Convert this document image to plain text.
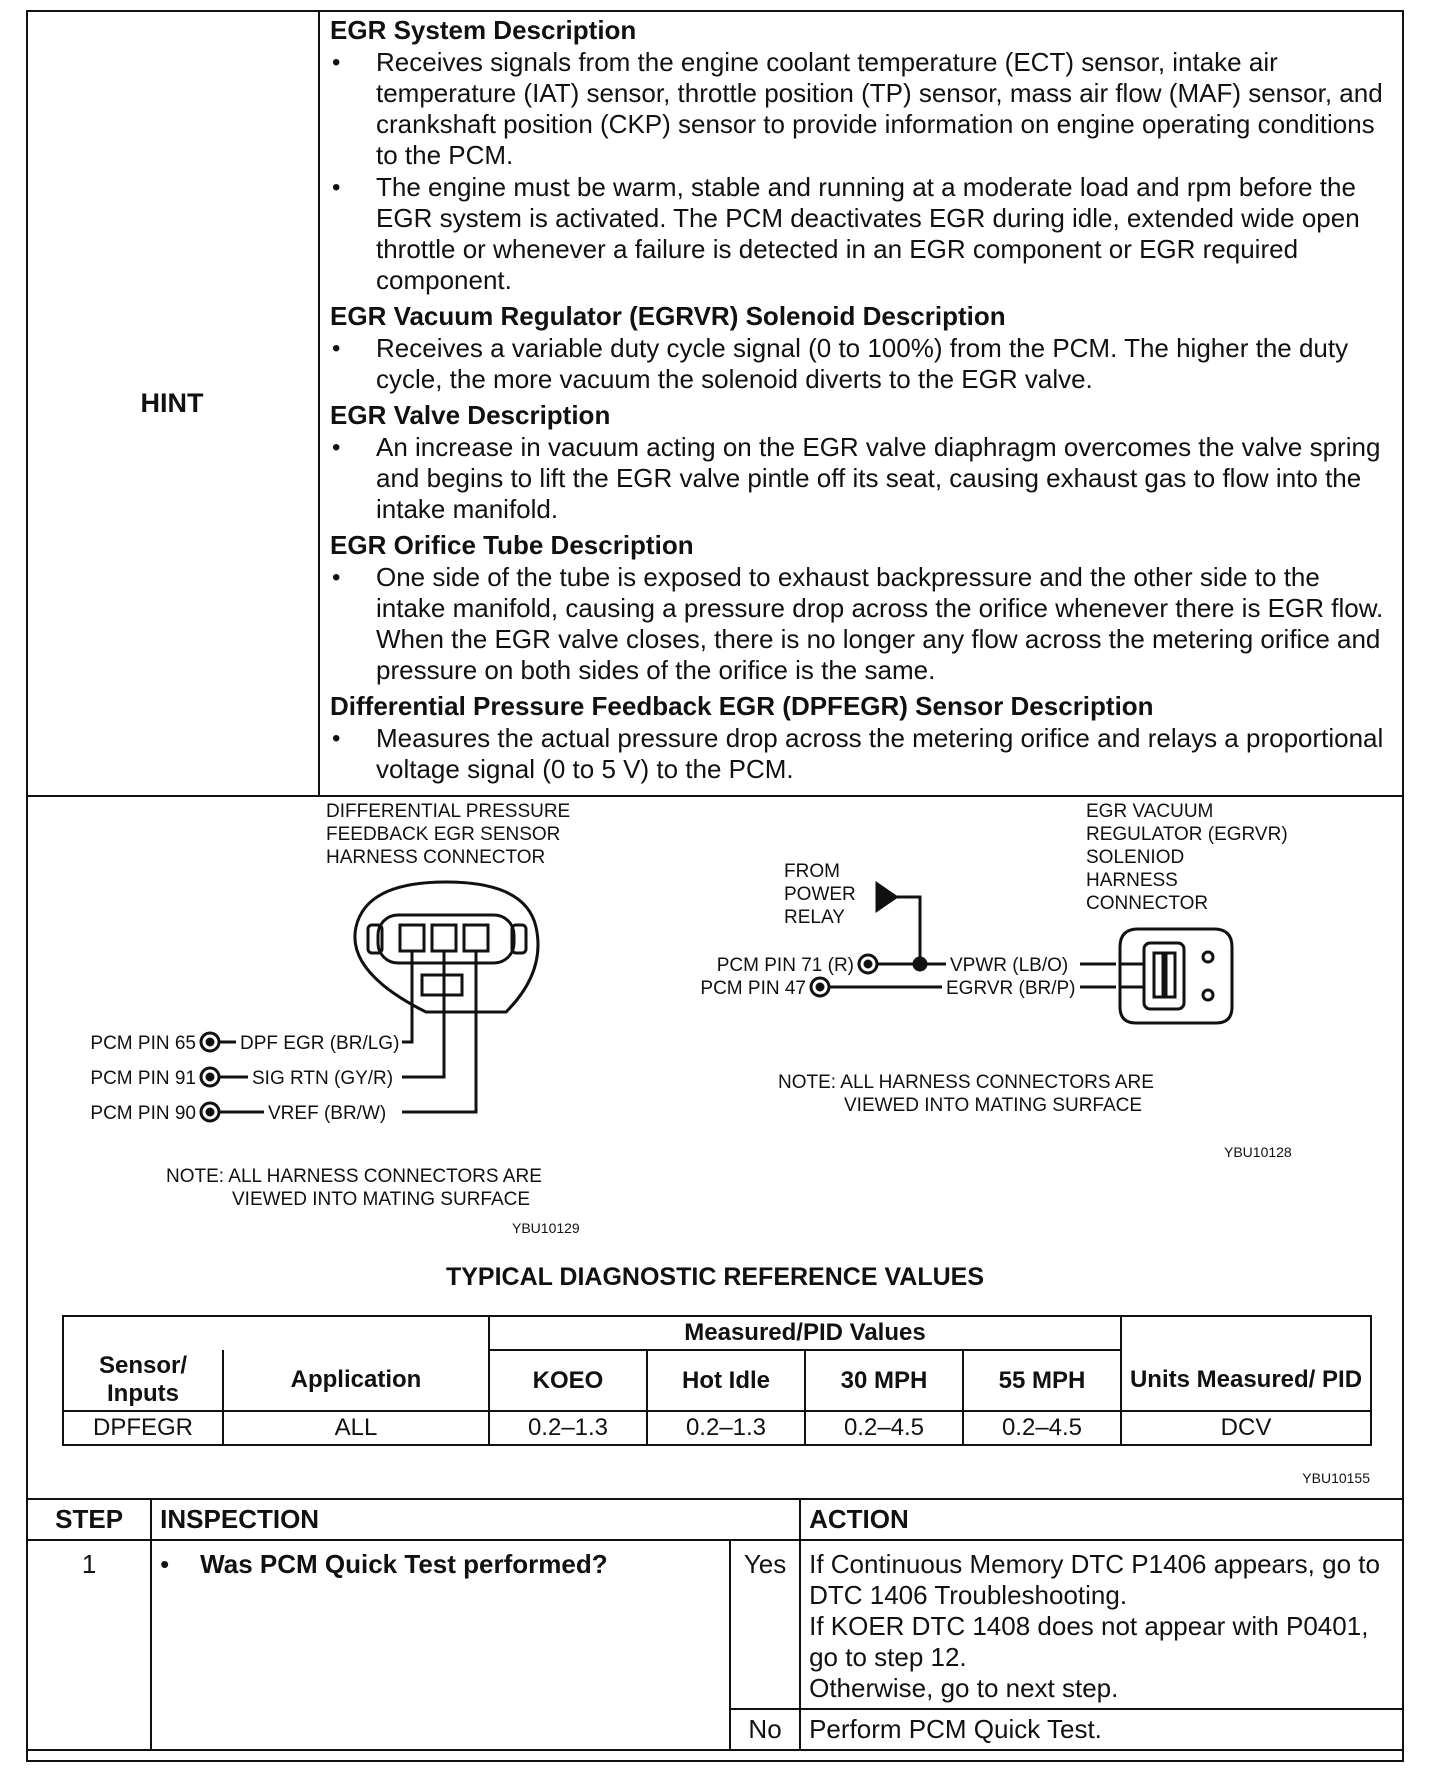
HINT
EGR System Description
• Receives signals from the engine coolant temperature (ECT) sensor, intake air temperature (IAT) sensor, throttle position (TP) sensor, mass air flow (MAF) sensor, and crankshaft position (CKP) sensor to provide information on engine operating conditions to the PCM.
• The engine must be warm, stable and running at a moderate load and rpm before the EGR system is activated. The PCM deactivates EGR during idle, extended wide open throttle or whenever a failure is detected in an EGR component or EGR required component.
EGR Vacuum Regulator (EGRVR) Solenoid Description
• Receives a variable duty cycle signal (0 to 100%) from the PCM. The higher the duty cycle, the more vacuum the solenoid diverts to the EGR valve.
EGR Valve Description
• An increase in vacuum acting on the EGR valve diaphragm overcomes the valve spring and begins to lift the EGR valve pintle off its seat, causing exhaust gas to flow into the intake manifold.
EGR Orifice Tube Description
• One side of the tube is exposed to exhaust backpressure and the other side to the intake manifold, causing a pressure drop across the orifice whenever there is EGR flow. When the EGR valve closes, there is no longer any flow across the metering orifice and pressure on both sides of the orifice is the same.
Differential Pressure Feedback EGR (DPFEGR) Sensor Description
• Measures the actual pressure drop across the metering orifice and relays a proportional voltage signal (0 to 5 V) to the PCM.
DIFFERENTIAL PRESSURE
FEEDBACK EGR SENSOR
HARNESS CONNECTOR
PCM PIN 65 DPF EGR (BR/LG)
PCM PIN 91	SIG RTN (GY/R)
PCM PIN 90	VREF (BR/W)
NOTE: ALL HARNESS CONNECTORS ARE
VIEWED INTO MATING SURFACE
YBU10129
EGR VACUUM
REGULATOR (EGRVR)
SOLENIOD
HARNESS
CONNECTOR
FROM
POWER
RELAY
PCM PIN 71 (R)	VPWR (LB/O)
PCM PIN 47	EGRVR (BR/P)
NOTE: ALL HARNESS CONNECTORS ARE
VIEWED INTO MATING SURFACE
YBU10128
TYPICAL DIAGNOSTIC REFERENCE VALUES
		Measured/PID Values				
Sensor/ Inputs	Application	KOEO	Hot Idle	30 MPH	55 MPH	Units Measured/ PID
DPFEGR	ALL	0.2–1.3	0.2–1.3	0.2–4.5	0.2–4.5	DCV
YBU10155
STEP	INSPECTION		ACTION
1	• Was PCM Quick Test performed?	Yes	If Continuous Memory DTC P1406 appears, go to DTC 1406 Troubleshooting.
If KOER DTC 1408 does not appear with P0401, go to step 12.
Otherwise, go to next step.

		No	Perform PCM Quick Test.
